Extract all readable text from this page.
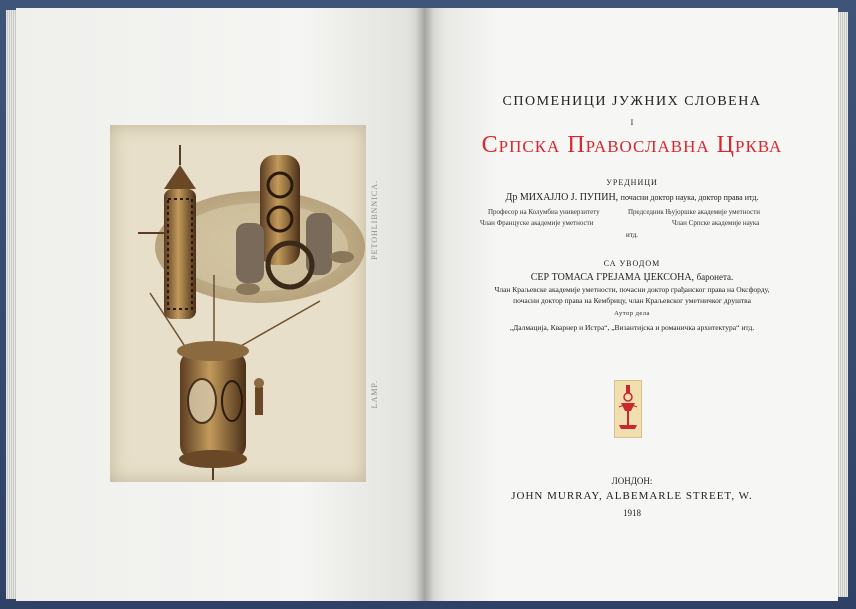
PETOHLIBNNICA.
LAMP.
СПОМЕНИЦИ ЈУЖНИХ СЛОВЕНА
І
Српска Православна Црква
УРЕДНИЦИ
Др МИХАЈЛО Ј. ПУПИН, почасни доктор наука, доктор права итд.
Професор на Колумбиа универзитету	Председник Њујоршке академије уметности
Члан Француске академије уметности	Члан Српске академије наука
итд.
СА УВОДОМ
СЕР ТОМАСА ГРЕЈАМА ЏЕКСОНА, баронета.
Члан Краљевске академије уметности, почасни доктор грађанског права на Оксфорду,
почасни доктор права на Кембрицу, члан Краљевског уметничког друштва
Аутор дела
„Далмација, Кварнер и Истра“, „Византијска и романичка архитектура“ итд.
ЛОНДОН:
JOHN MURRAY, ALBEMARLE STREET, W.
1918
